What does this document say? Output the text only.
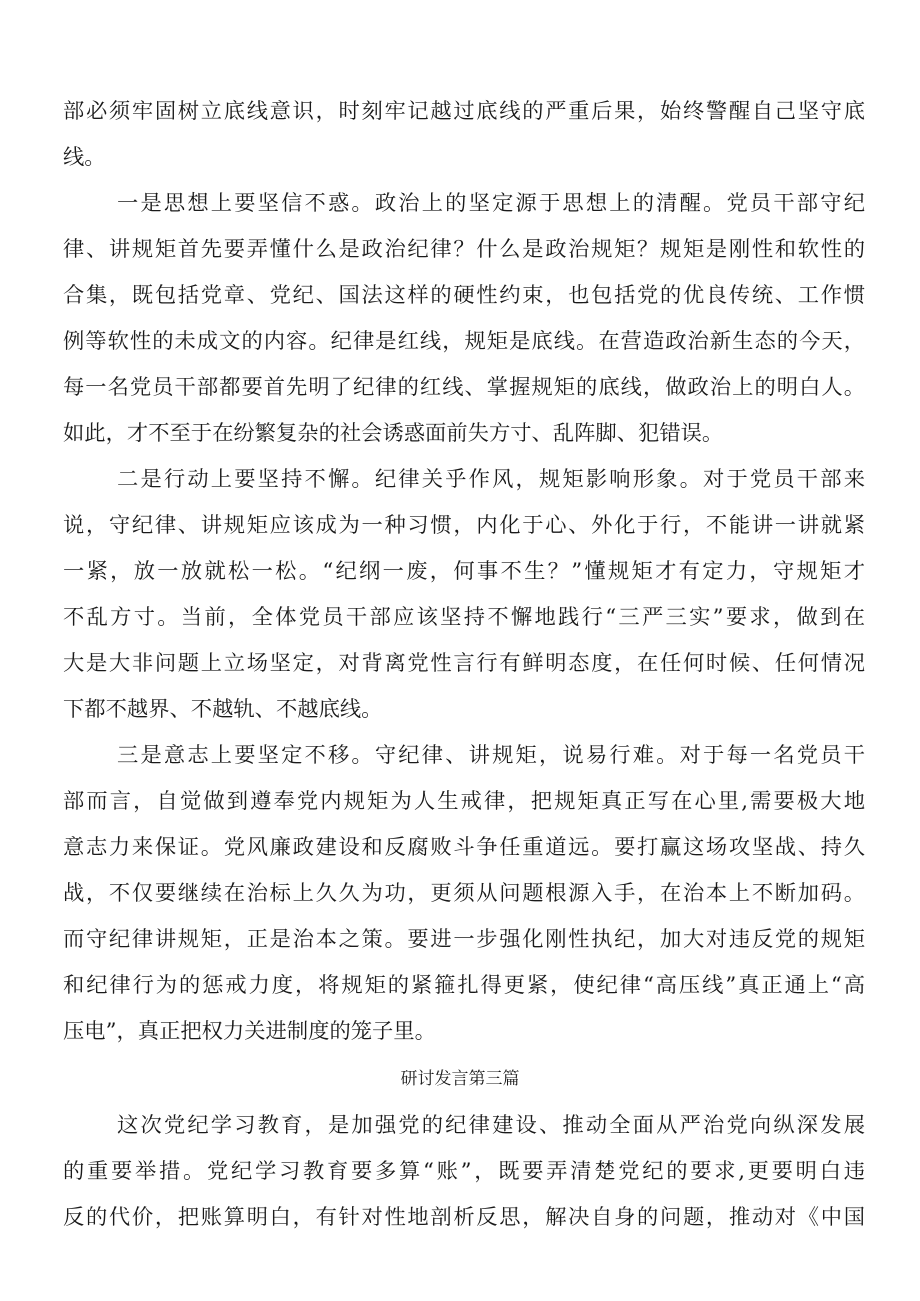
部必须牢固树立底线意识，时刻牢记越过底线的严重后果，始终警醒自己坚守底
线。
一是思想上要坚信不惑。政治上的坚定源于思想上的清醒。党员干部守纪
律、讲规矩首先要弄懂什么是政治纪律？什么是政治规矩？规矩是刚性和软性的
合集，既包括党章、党纪、国法这样的硬性约束，也包括党的优良传统、工作惯
例等软性的未成文的内容。纪律是红线，规矩是底线。在营造政治新生态的今天，
每一名党员干部都要首先明了纪律的红线、掌握规矩的底线，做政治上的明白人。
如此，才不至于在纷繁复杂的社会诱惑面前失方寸、乱阵脚、犯错误。
二是行动上要坚持不懈。纪律关乎作风，规矩影响形象。对于党员干部来
说，守纪律、讲规矩应该成为一种习惯，内化于心、外化于行，不能讲一讲就紧
一紧，放一放就松一松。“纪纲一废，何事不生？”懂规矩才有定力，守规矩才
不乱方寸。当前，全体党员干部应该坚持不懈地践行“三严三实”要求，做到在
大是大非问题上立场坚定，对背离党性言行有鲜明态度，在任何时候、任何情况
下都不越界、不越轨、不越底线。
三是意志上要坚定不移。守纪律、讲规矩，说易行难。对于每一名党员干
部而言，自觉做到遵奉党内规矩为人生戒律，把规矩真正写在心里,需要极大地
意志力来保证。党风廉政建设和反腐败斗争任重道远。要打赢这场攻坚战、持久
战，不仅要继续在治标上久久为功，更须从问题根源入手，在治本上不断加码。
而守纪律讲规矩，正是治本之策。要进一步强化刚性执纪，加大对违反党的规矩
和纪律行为的惩戒力度，将规矩的紧箍扎得更紧，使纪律“高压线”真正通上“高
压电”，真正把权力关进制度的笼子里。
研讨发言第三篇
这次党纪学习教育，是加强党的纪律建设、推动全面从严治党向纵深发展
的重要举措。党纪学习教育要多算“账”，既要弄清楚党纪的要求,更要明白违
反的代价，把账算明白，有针对性地剖析反思，解决自身的问题，推动对《中国
